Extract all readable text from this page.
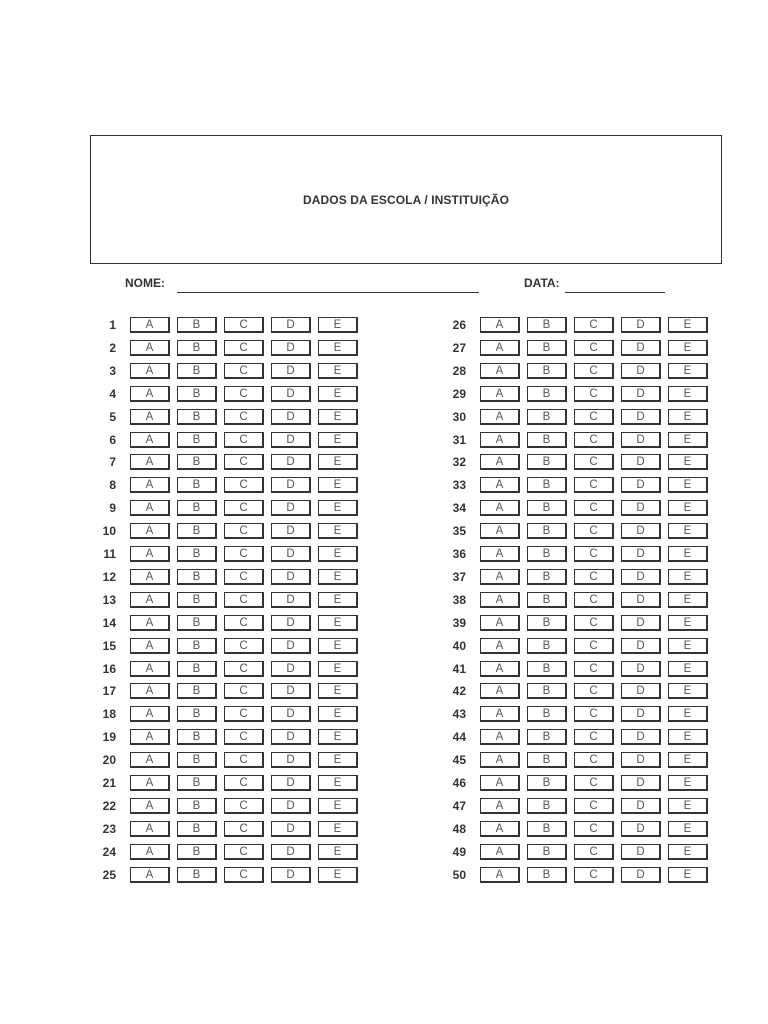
DADOS DA ESCOLA / INSTITUIÇÃO
NOME:	DATA:
1	A	B	C	D	E
2	A	B	C	D	E
3	A	B	C	D	E
4	A	B	C	D	E
5	A	B	C	D	E
6	A	B	C	D	E
7	A	B	C	D	E
8	A	B	C	D	E
9	A	B	C	D	E
10	A	B	C	D	E
11	A	B	C	D	E
12	A	B	C	D	E
13	A	B	C	D	E
14	A	B	C	D	E
15	A	B	C	D	E
16	A	B	C	D	E
17	A	B	C	D	E
18	A	B	C	D	E
19	A	B	C	D	E
20	A	B	C	D	E
21	A	B	C	D	E
22	A	B	C	D	E
23	A	B	C	D	E
24	A	B	C	D	E
25	A	B	C	D	E
26	A	B	C	D	E
27	A	B	C	D	E
28	A	B	C	D	E
29	A	B	C	D	E
30	A	B	C	D	E
31	A	B	C	D	E
32	A	B	C	D	E
33	A	B	C	D	E
34	A	B	C	D	E
35	A	B	C	D	E
36	A	B	C	D	E
37	A	B	C	D	E
38	A	B	C	D	E
39	A	B	C	D	E
40	A	B	C	D	E
41	A	B	C	D	E
42	A	B	C	D	E
43	A	B	C	D	E
44	A	B	C	D	E
45	A	B	C	D	E
46	A	B	C	D	E
47	A	B	C	D	E
48	A	B	C	D	E
49	A	B	C	D	E
50	A	B	C	D	E
